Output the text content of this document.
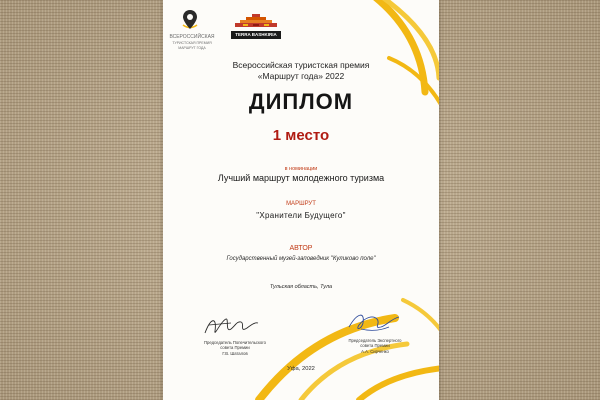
ВСЕРОССИЙСКАЯ
ТУРИСТСКАЯ ПРЕМИЯ
МАРШРУТ ГОДА
TERRA BASHKIRIA
Всероссийская туристская премия
«Маршрут года» 2022
ДИПЛОМ
1 место
в номинации
Лучший маршрут молодежного туризма
МАРШРУТ
"Хранители Будущего"
АВТОР
Государственный музей-заповедник "Куликово поле"
Тульская область, Тула
Председатель Попечительского
совета Премии
Г.В. Шаталов
Председатель Экспертного
совета Премии
А.А. Сирченко
Уфа, 2022
